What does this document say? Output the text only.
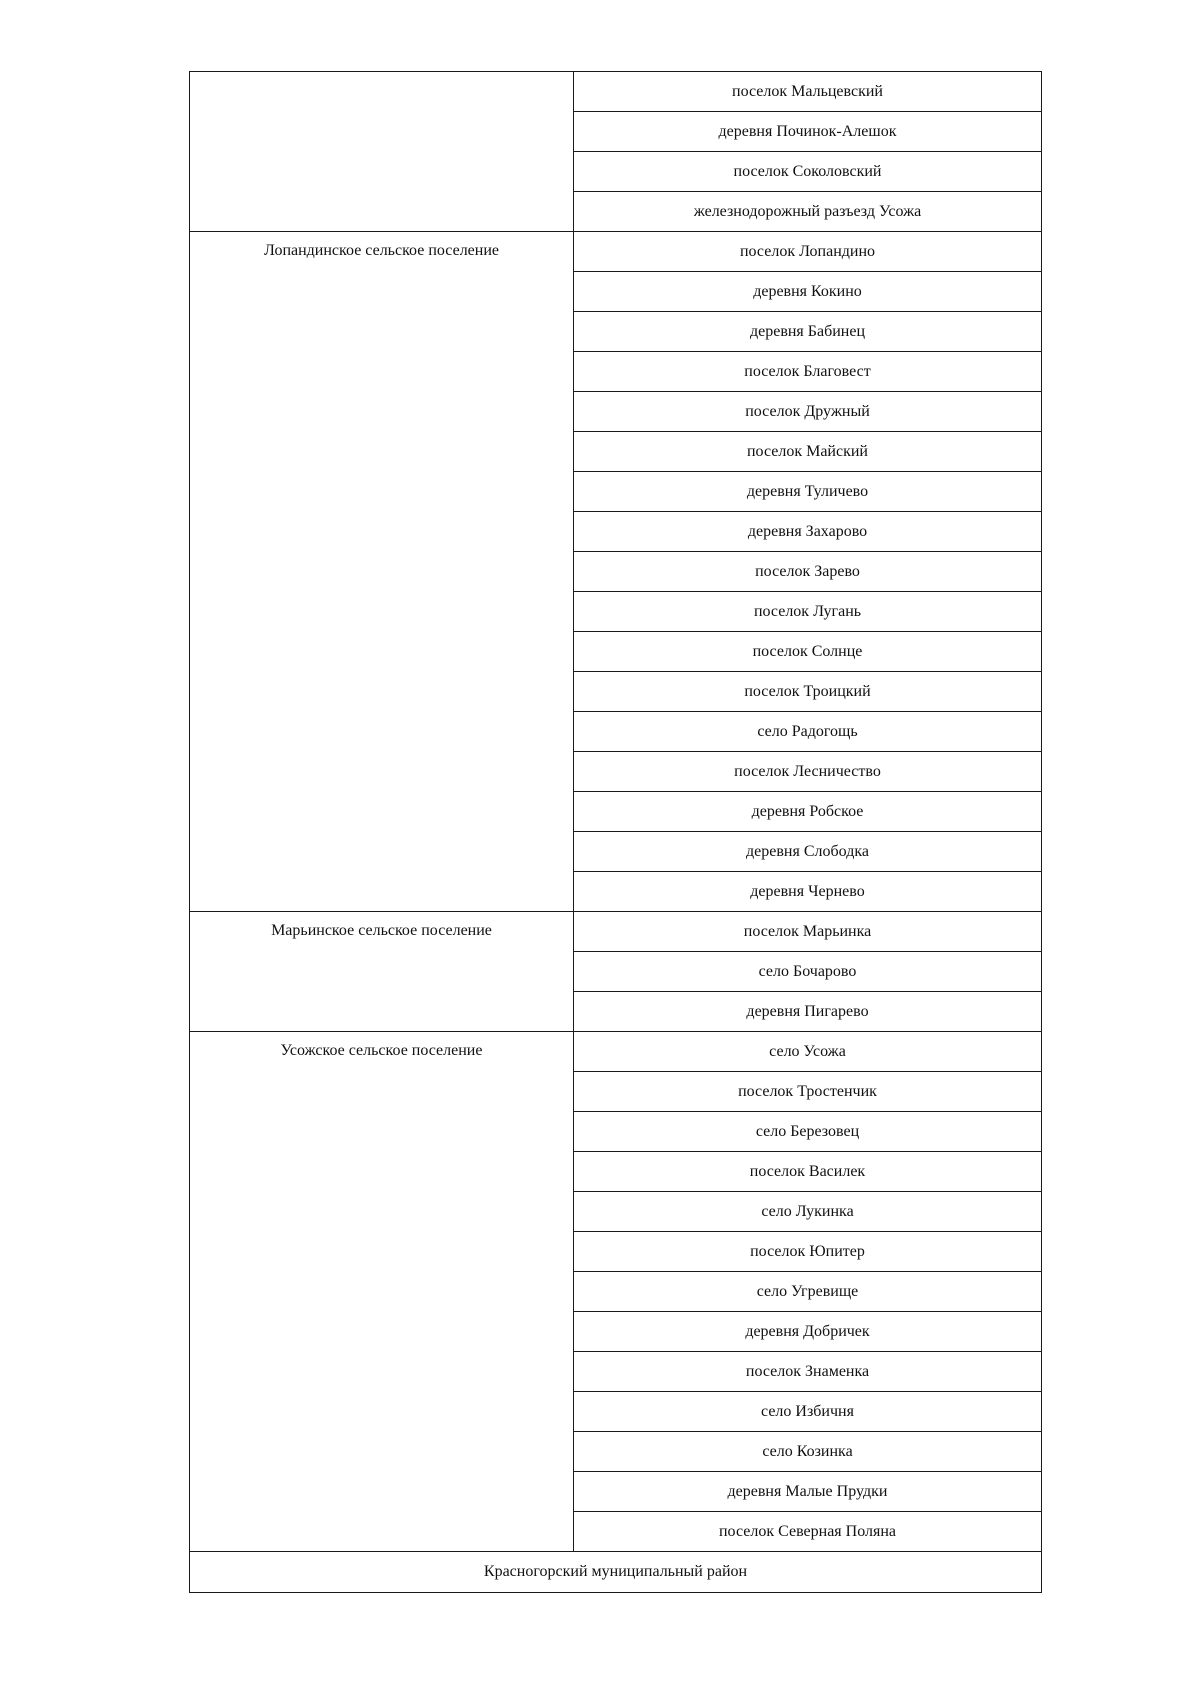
	поселок Мальцевский
	деревня Починок-Алешок
	поселок Соколовский
	железнодорожный разъезд Усожа
Лопандинское сельское поселение	поселок Лопандино
	деревня Кокино
	деревня Бабинец
	поселок Благовест
	поселок Дружный
	поселок Майский
	деревня Туличево
	деревня Захарово
	поселок Зарево
	поселок Лугань
	поселок Солнце
	поселок Троицкий
	село Радогощь
	поселок Лесничество
	деревня Робское
	деревня Слободка
	деревня Чернево
Марьинское сельское поселение	поселок Марьинка
	село Бочарово
	деревня Пигарево
Усожское сельское поселение	село Усожа
	поселок Тростенчик
	село Березовец
	поселок Василек
	село Лукинка
	поселок Юпитер
	село Угревище
	деревня Добричек
	поселок Знаменка
	село Избичня
	село Козинка
	деревня Малые Прудки
	поселок Северная Поляна
Красногорский муниципальный район	
